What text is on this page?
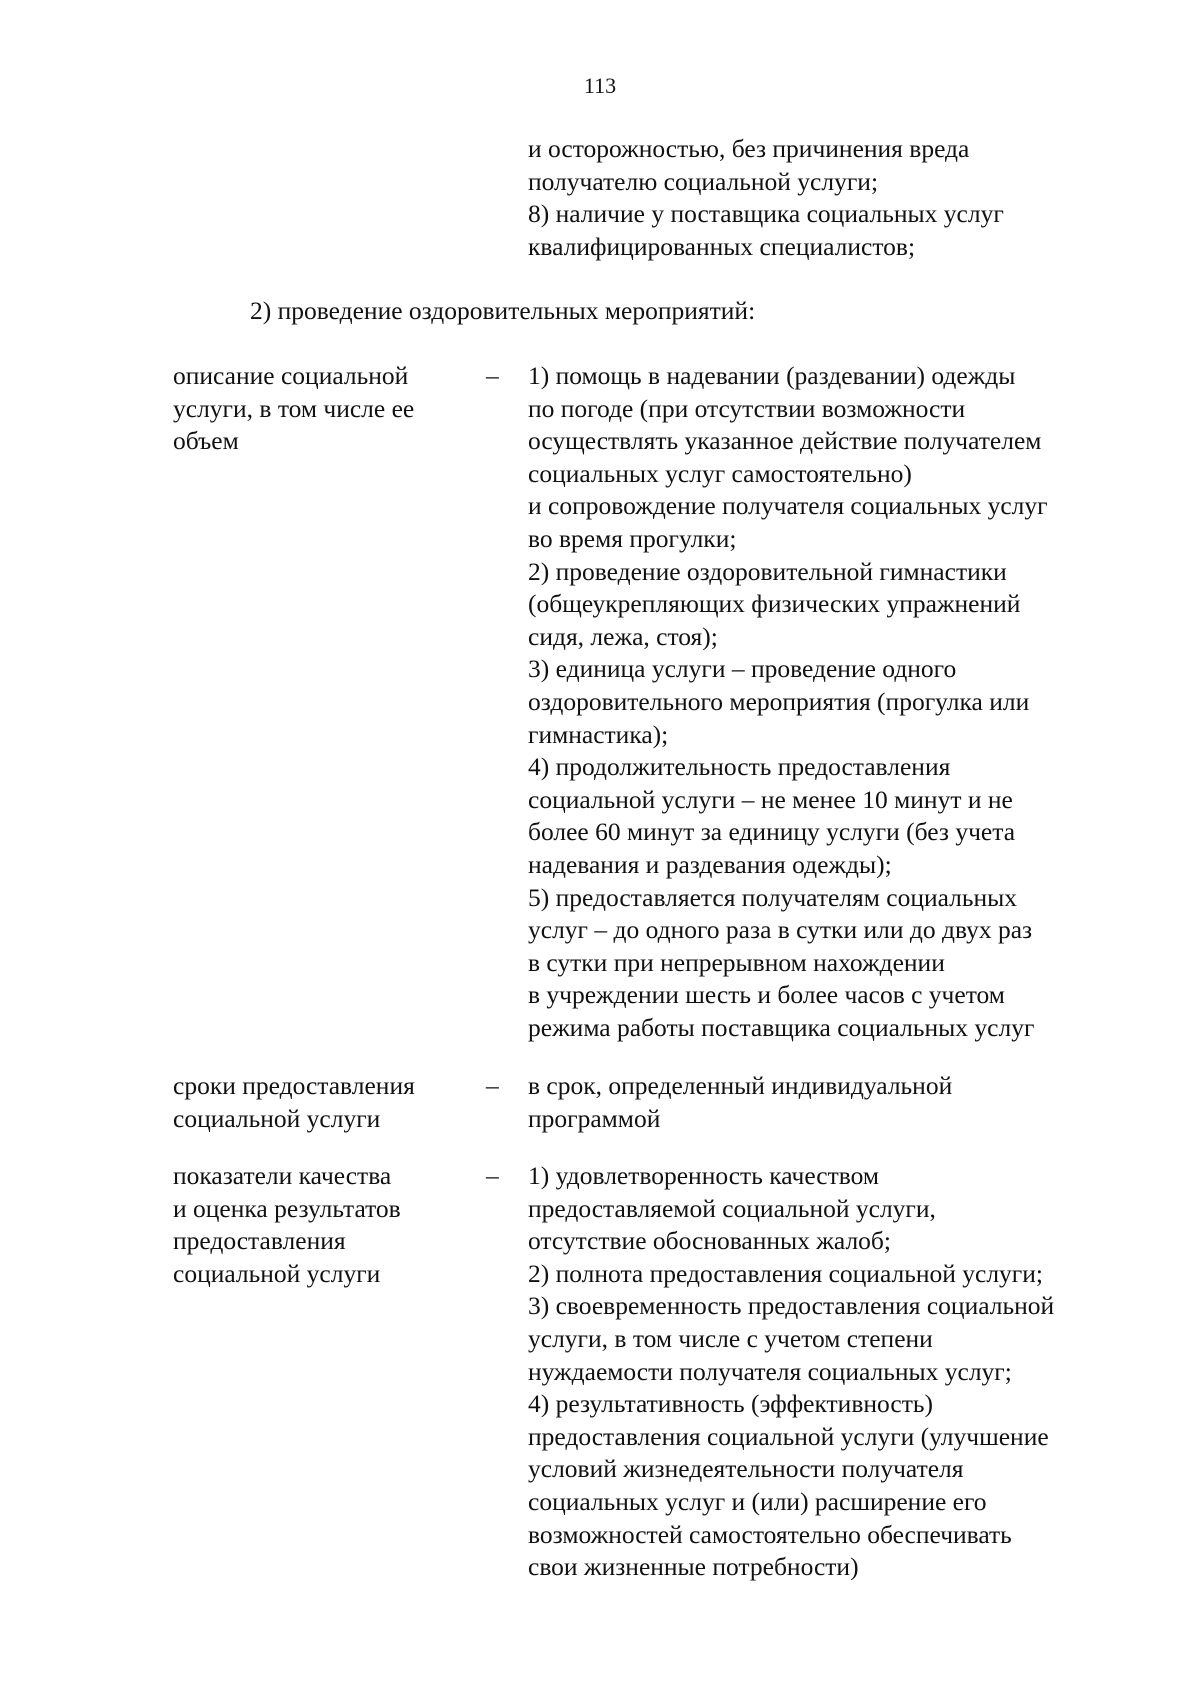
113
и осторожностью, без причинения вреда
получателю социальной услуги;
8) наличие у поставщика социальных услуг
квалифицированных специалистов;
2) проведение оздоровительных мероприятий:
описание социальной
услуги, в том числе ее
объем
– 1) помощь в надевании (раздевании) одежды
по погоде (при отсутствии возможности
осуществлять указанное действие получателем
социальных услуг самостоятельно)
и сопровождение получателя социальных услуг
во время прогулки;
2) проведение оздоровительной гимнастики
(общеукрепляющих физических упражнений
сидя, лежа, стоя);
3) единица услуги – проведение одного
оздоровительного мероприятия (прогулка или
гимнастика);
4) продолжительность предоставления
социальной услуги – не менее 10 минут и не
более 60 минут за единицу услуги (без учета
надевания и раздевания одежды);
5) предоставляется получателям социальных
услуг – до одного раза в сутки или до двух раз
в сутки при непрерывном нахождении
в учреждении шесть и более часов с учетом
режима работы поставщика социальных услуг
сроки предоставления
социальной услуги
– в срок, определенный индивидуальной
программой
показатели качества
и оценка результатов
предоставления
социальной услуги
– 1) удовлетворенность качеством
предоставляемой социальной услуги,
отсутствие обоснованных жалоб;
2) полнота предоставления социальной услуги;
3) своевременность предоставления социальной
услуги, в том числе с учетом степени
нуждаемости получателя социальных услуг;
4) результативность (эффективность)
предоставления социальной услуги (улучшение
условий жизнедеятельности получателя
социальных услуг и (или) расширение его
возможностей самостоятельно обеспечивать
свои жизненные потребности)
